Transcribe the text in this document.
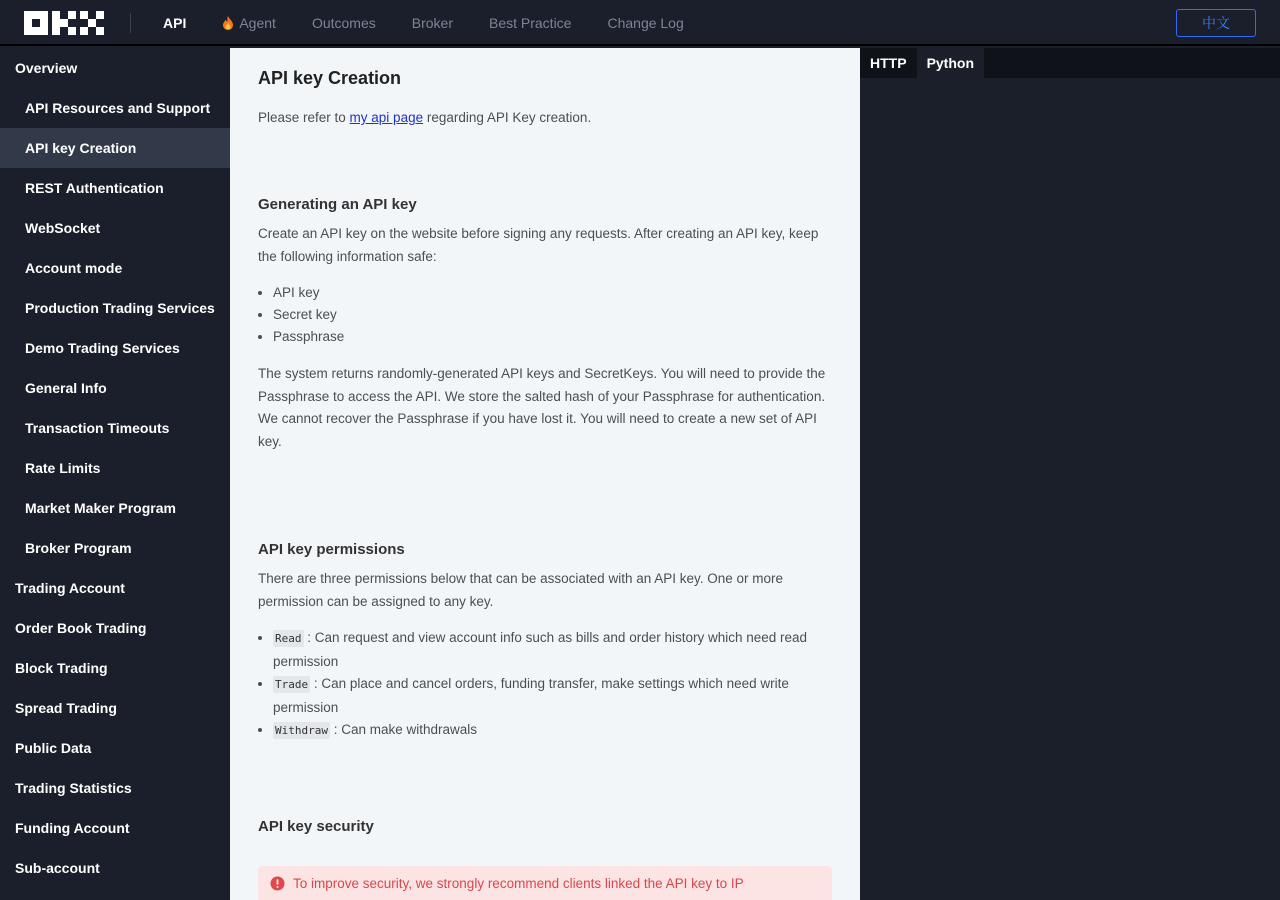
API	Agent	Outcomes	Broker	Best Practice	Change Log	中文
Overview
API Resources and Support
API key Creation
REST Authentication
WebSocket
Account mode
Production Trading Services
Demo Trading Services
General Info
Transaction Timeouts
Rate Limits
Market Maker Program
Broker Program
Trading Account
Order Book Trading
Block Trading
Spread Trading
Public Data
Trading Statistics
Funding Account
Sub-account
API key Creation

Please refer to my api page regarding API Key creation.

Generating an API key

Create an API key on the website before signing any requests. After creating an API key, keep the following information safe:

• API key
• Secret key
• Passphrase

The system returns randomly-generated API keys and SecretKeys. You will need to provide the Passphrase to access the API. We store the salted hash of your Passphrase for authentication. We cannot recover the Passphrase if you have lost it. You will need to create a new set of API key.

API key permissions

There are three permissions below that can be associated with an API key. One or more permission can be assigned to any key.

• Read : Can request and view account info such as bills and order history which need read permission
• Trade : Can place and cancel orders, funding transfer, make settings which need write permission
• Withdraw : Can make withdrawals
API key security
To improve security, we strongly recommend clients linked the API key to IP
HTTP	Python
